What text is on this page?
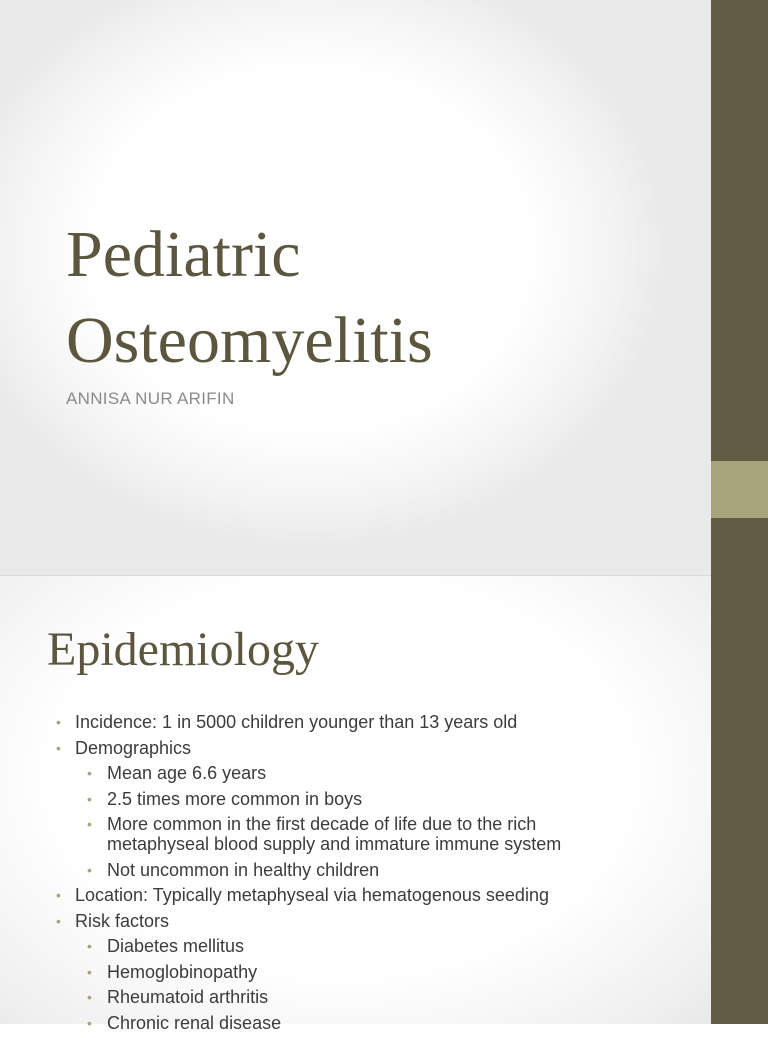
Pediatric
Osteomyelitis

ANNISA NUR ARIFIN

Epidemiology
• Incidence: 1 in 5000 children younger than 13 years old
• Demographics
• Mean age 6.6 years
• 2.5 times more common in boys
• More common in the first decade of life due to the rich metaphyseal blood supply and immature immune system
• Not uncommon in healthy children
• Location: Typically metaphyseal via hematogenous seeding
• Risk factors
• Diabetes mellitus
• Hemoglobinopathy
• Rheumatoid arthritis
• Chronic renal disease
